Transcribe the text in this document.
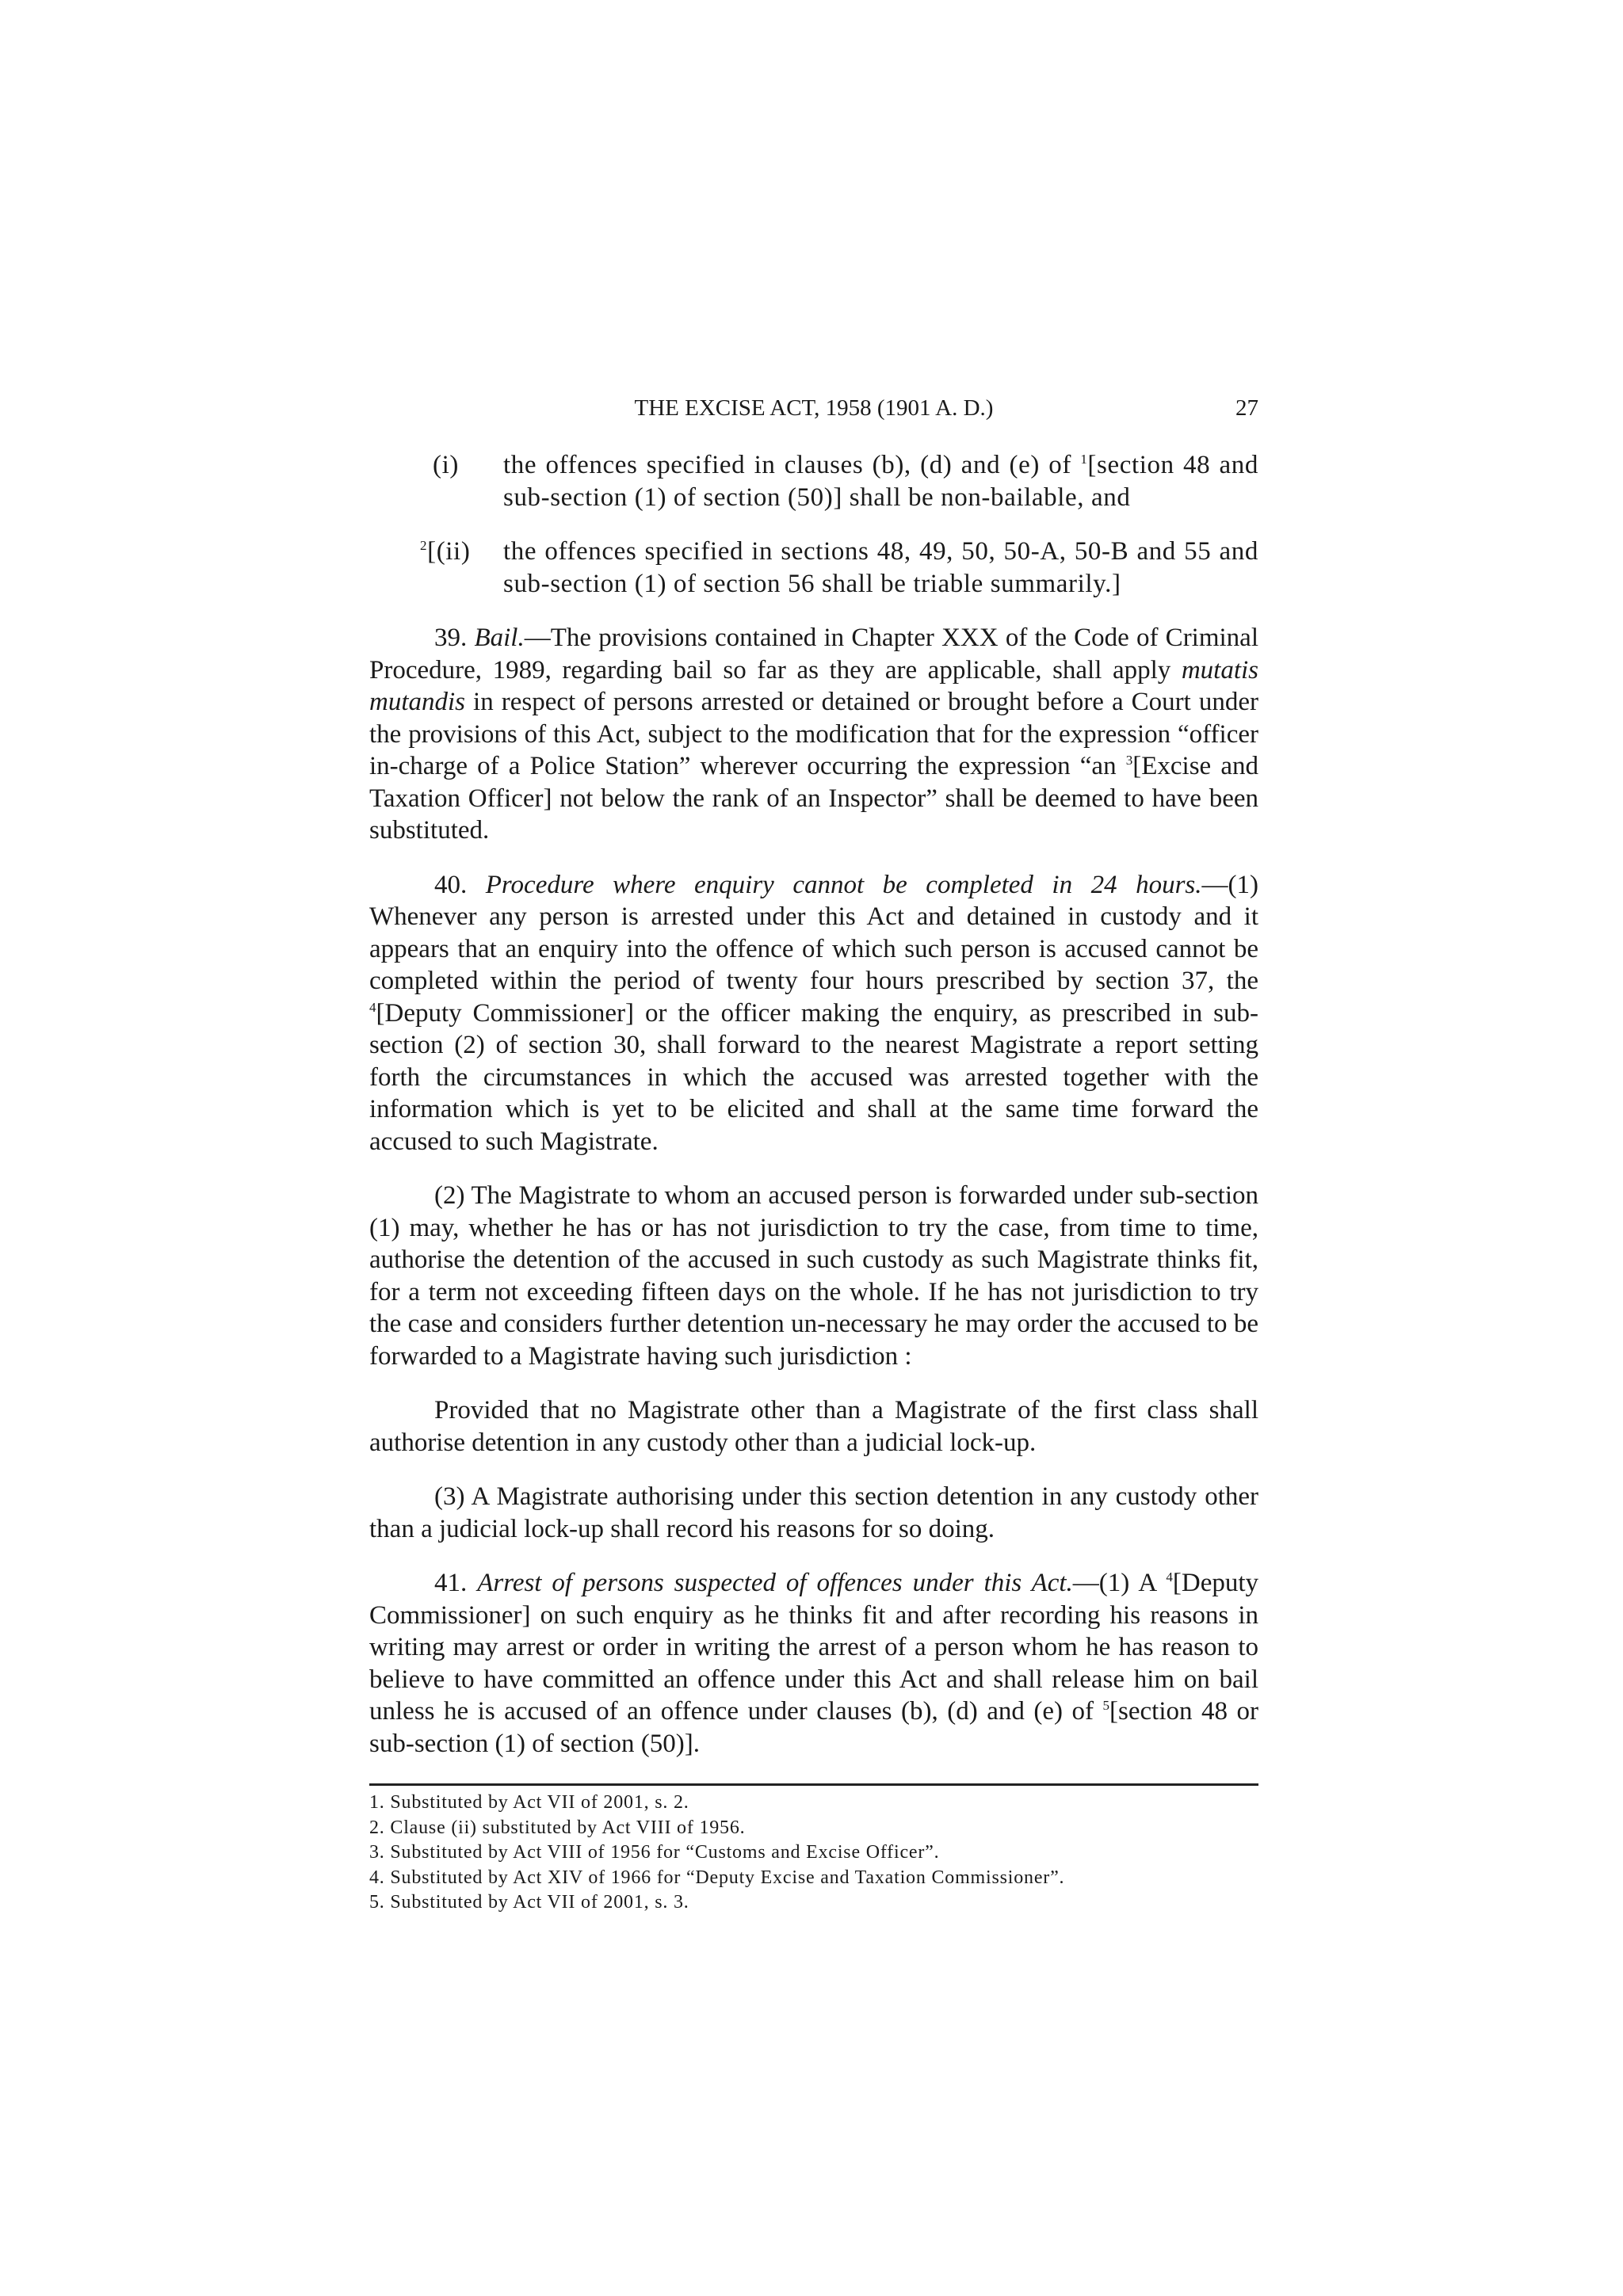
THE EXCISE ACT, 1958 (1901 A. D.)	27
(i)	the offences specified in clauses (b), (d) and (e) of $^1$[section 48 and sub-section (1) of section (50)] shall be non-bailable, and
$^2$[(ii)	the offences specified in sections 48, 49, 50, 50-A, 50-B and 55 and sub-section (1) of section 56 shall be triable summarily.]

39. Bail.—The provisions contained in Chapter XXX of the Code of Criminal Procedure, 1989, regarding bail so far as they are applicable, shall apply mutatis mutandis in respect of persons arrested or detained or brought before a Court under the provisions of this Act, subject to the modification that for the expression “officer in-charge of a Police Station” wherever occurring the expression “an $^3$[Excise and Taxation Officer] not below the rank of an Inspector” shall be deemed to have been substituted.

40. Procedure where enquiry cannot be completed in 24 hours.—(1) Whenever any person is arrested under this Act and detained in custody and it appears that an enquiry into the offence of which such person is accused cannot be completed within the period of twenty four hours prescribed by section 37, the $^4$[Deputy Commissioner] or the officer making the enquiry, as prescribed in sub-section (2) of section 30, shall forward to the nearest Magistrate a report setting forth the circumstances in which the accused was arrested together with the information which is yet to be elicited and shall at the same time forward the accused to such Magistrate.

(2) The Magistrate to whom an accused person is forwarded under sub-section (1) may, whether he has or has not jurisdiction to try the case, from time to time, authorise the detention of the accused in such custody as such Magistrate thinks fit, for a term not exceeding fifteen days on the whole. If he has not jurisdiction to try the case and considers further detention un-necessary he may order the accused to be forwarded to a Magistrate having such jurisdiction :

Provided that no Magistrate other than a Magistrate of the first class shall authorise detention in any custody other than a judicial lock-up.

(3) A Magistrate authorising under this section detention in any custody other than a judicial lock-up shall record his reasons for so doing.

41. Arrest of persons suspected of offences under this Act.—(1) A $^4$[Deputy Commissioner] on such enquiry as he thinks fit and after recording his reasons in writing may arrest or order in writing the arrest of a person whom he has reason to believe to have committed an offence under this Act and shall release him on bail unless he is accused of an offence under clauses (b), (d) and (e) of $^5$[section 48 or sub-section (1) of section (50)].

1. Substituted by Act VII of 2001, s. 2.
2. Clause (ii) substituted by Act VIII of 1956.
3. Substituted by Act VIII of 1956 for “Customs and Excise Officer”.
4. Substituted by Act XIV of 1966 for “Deputy Excise and Taxation Commissioner”.
5. Substituted by Act VII of 2001, s. 3.
